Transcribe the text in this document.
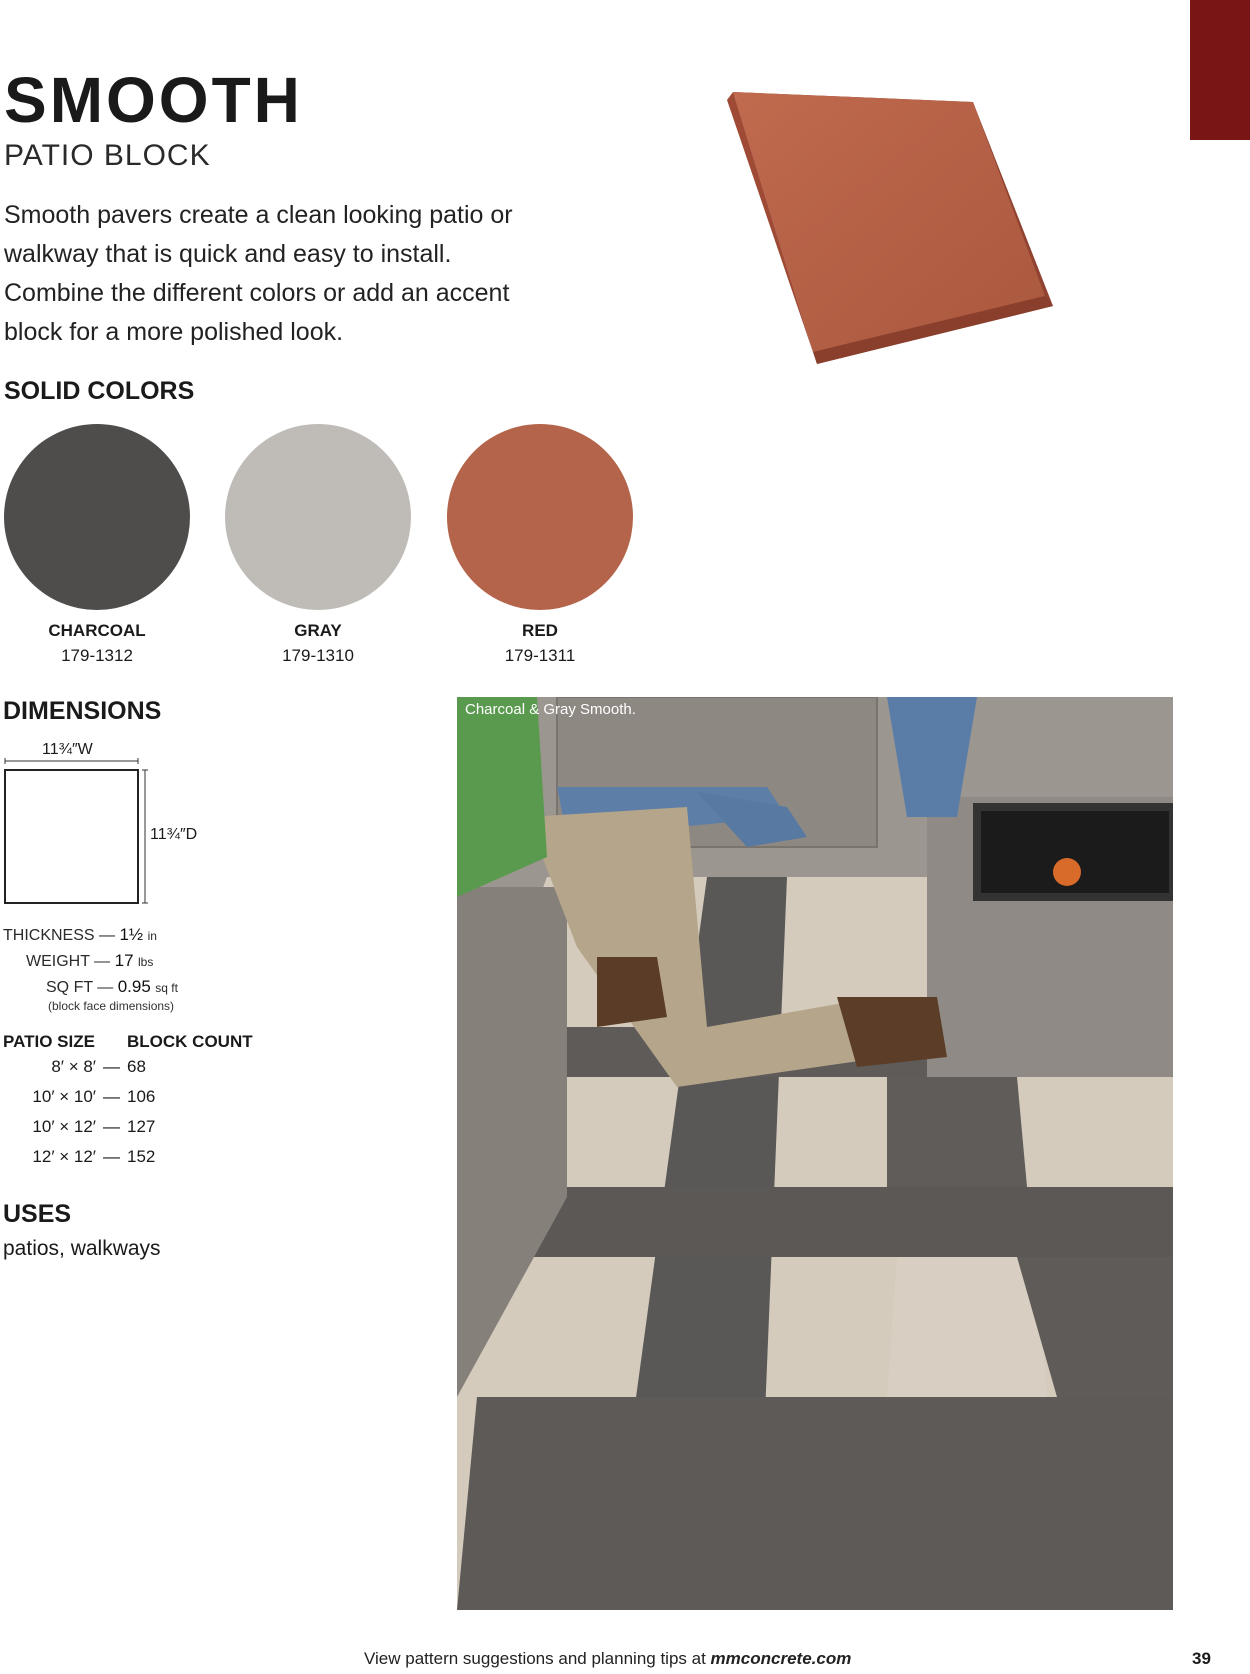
SMOOTH
PATIO BLOCK
Smooth pavers create a clean looking patio or walkway that is quick and easy to install. Combine the different colors or add an accent block for a more polished look.
SOLID COLORS
CHARCOAL
179-1312
GRAY
179-1310
RED
179-1311
DIMENSIONS
11¾″W
11¾″D
THICKNESS — 1½ in
WEIGHT — 17 lbs
SQ FT — 0.95 sq ft
(block face dimensions)
PATIO SIZE BLOCK COUNT
8′ × 8′ — 68
10′ × 10′ — 106
10′ × 12′ — 127
12′ × 12′ — 152
USES
patios, walkways
Charcoal & Gray Smooth.
View pattern suggestions and planning tips at mmconcrete.com	39
